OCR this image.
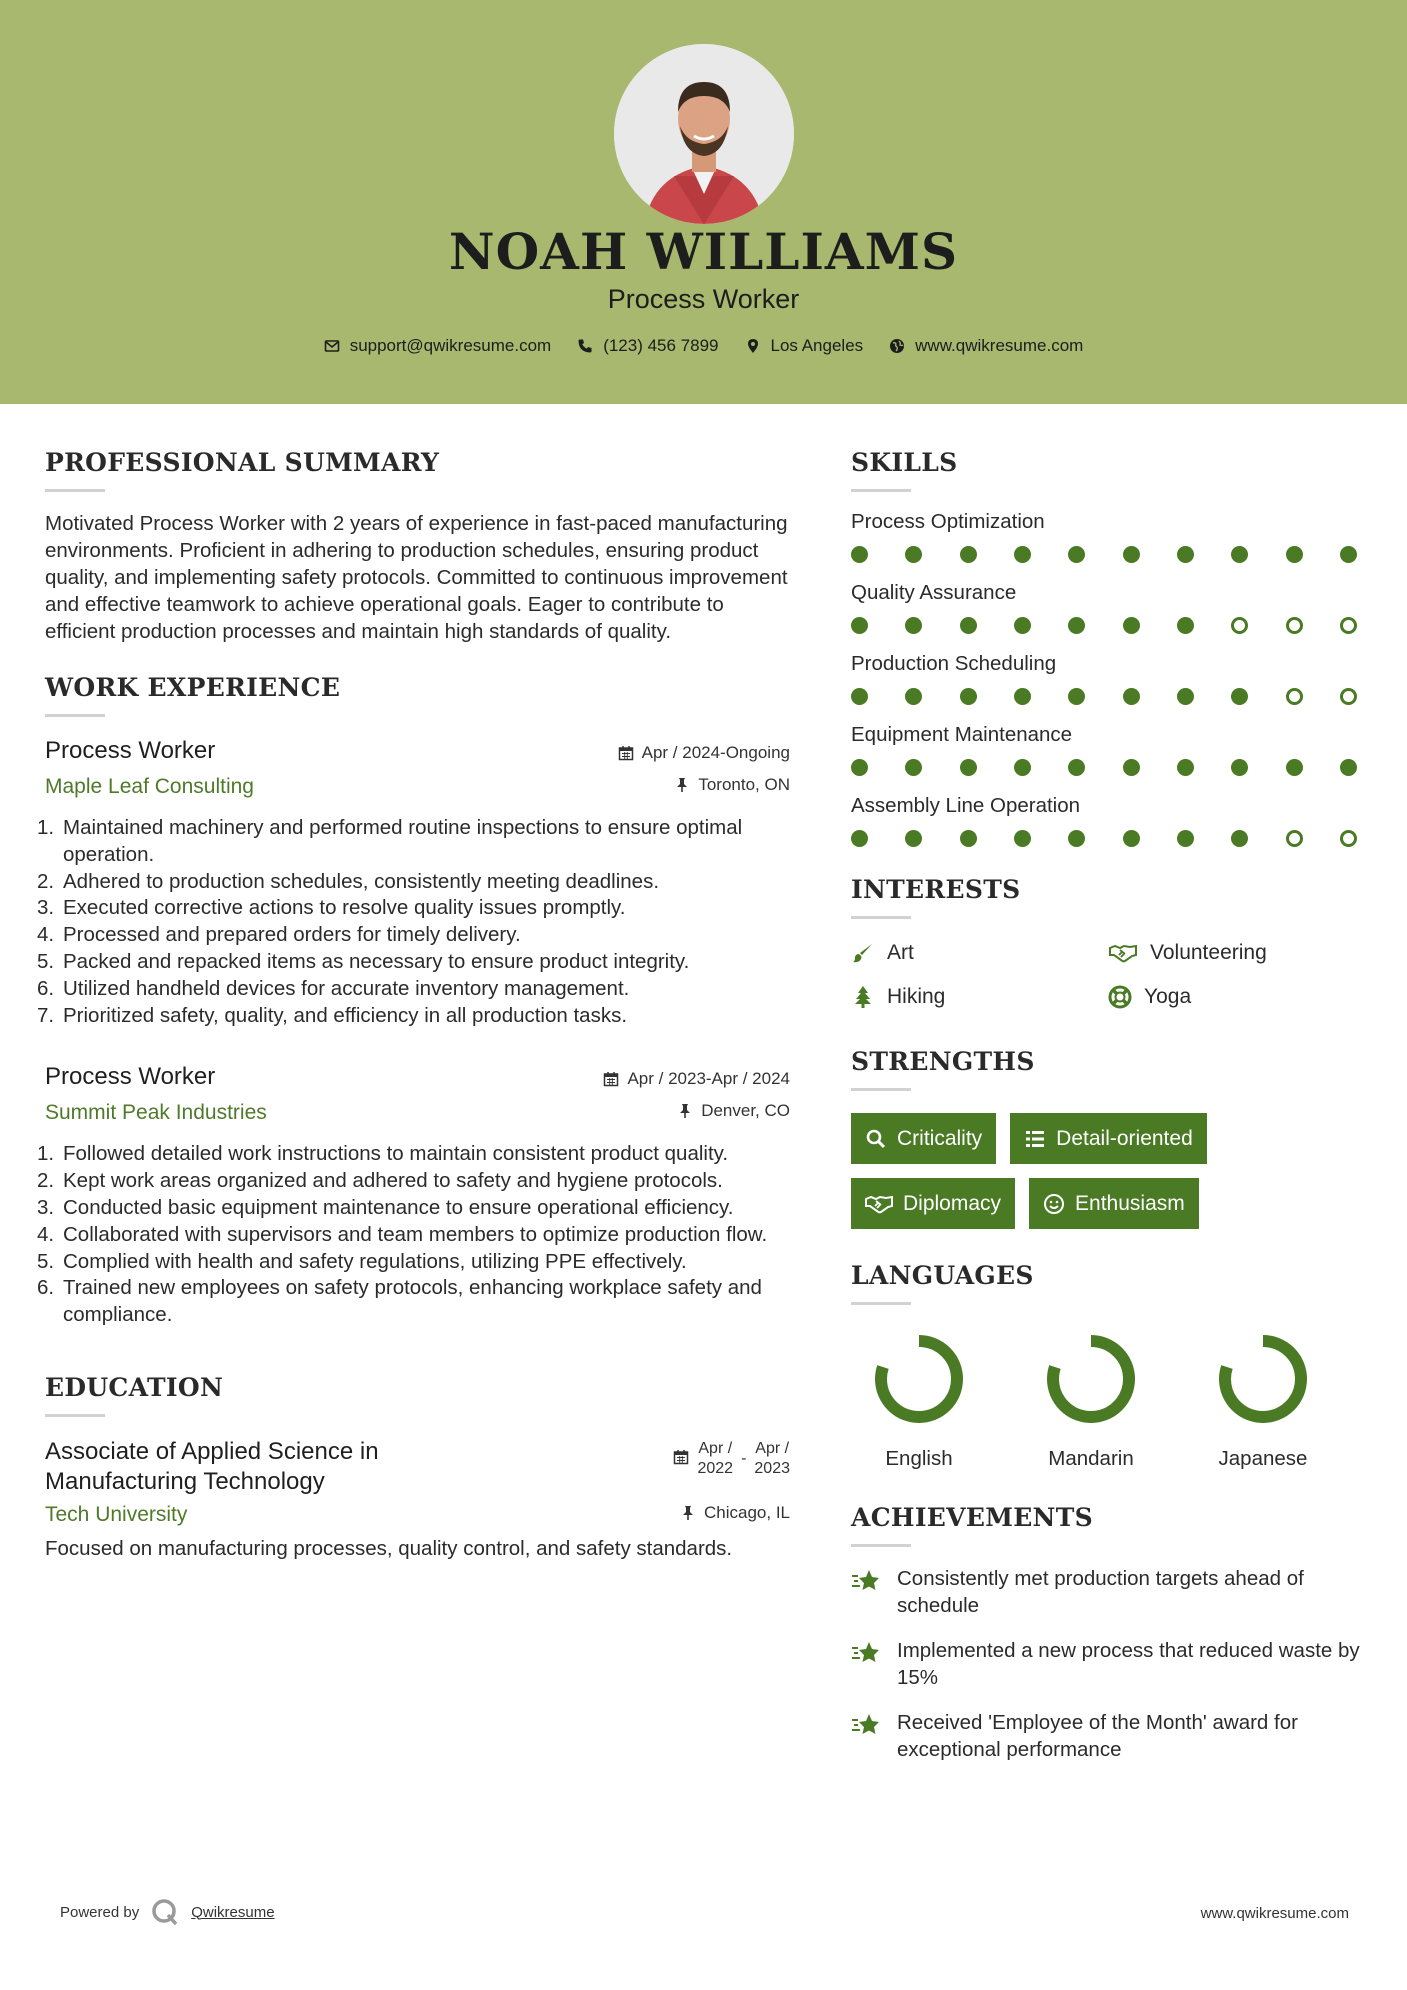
NOAH WILLIAMS
Process Worker
support@qwikresume.com	(123) 456 7899	Los Angeles	www.qwikresume.com
PROFESSIONAL SUMMARY
Motivated Process Worker with 2 years of experience in fast-paced manufacturing environments. Proficient in adhering to production schedules, ensuring product quality, and implementing safety protocols. Committed to continuous improvement and effective teamwork to achieve operational goals. Eager to contribute to efficient production processes and maintain high standards of quality.
WORK EXPERIENCE
Apr / 2024-Ongoing
Toronto, ON
Process Worker
Maple Leaf Consulting
1. Maintained machinery and performed routine inspections to ensure optimal operation.
2. Adhered to production schedules, consistently meeting deadlines.
3. Executed corrective actions to resolve quality issues promptly.
4. Processed and prepared orders for timely delivery.
5. Packed and repacked items as necessary to ensure product integrity.
6. Utilized handheld devices for accurate inventory management.
7. Prioritized safety, quality, and efficiency in all production tasks.
Apr / 2023-Apr / 2024
Denver, CO
Process Worker
Summit Peak Industries
1. Followed detailed work instructions to maintain consistent product quality.
2. Kept work areas organized and adhered to safety and hygiene protocols.
3. Conducted basic equipment maintenance to ensure operational efficiency.
4. Collaborated with supervisors and team members to optimize production flow.
5. Complied with health and safety regulations, utilizing PPE effectively.
6. Trained new employees on safety protocols, enhancing workplace safety and compliance.
EDUCATION
Apr /
2022
-
Apr /
2023
Chicago, IL
Associate of Applied Science in
Manufacturing Technology
Tech University
Focused on manufacturing processes, quality control, and safety standards.
SKILLS
Process Optimization
Quality Assurance
Production Scheduling
Equipment Maintenance
Assembly Line Operation
INTERESTS
Art	Volunteering
Hiking	Yoga
STRENGTHS
Criticality	Detail-oriented
Diplomacy	Enthusiasm
LANGUAGES
English	Mandarin	Japanese
ACHIEVEMENTS
Consistently met production targets ahead of schedule
Implemented a new process that reduced waste by 15%
Received 'Employee of the Month' award for exceptional performance
Powered by	Qwikresume	www.qwikresume.com
